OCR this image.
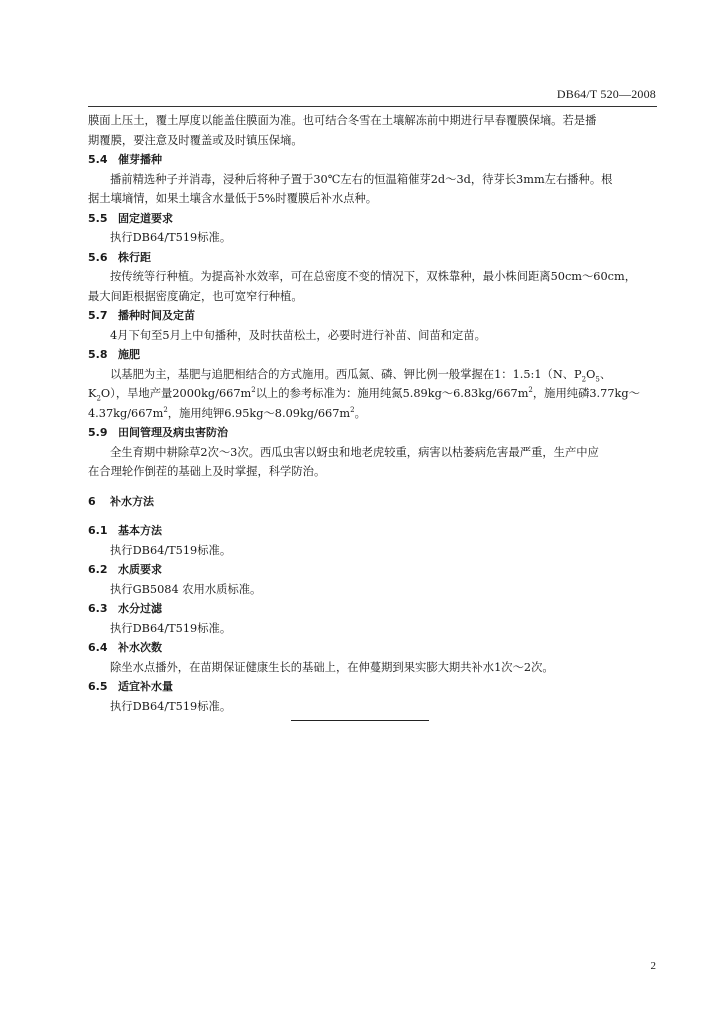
DB64/T 520—2008
膜面上压土，覆土厚度以能盖住膜面为准。也可结合冬雪在土壤解冻前中期进行早春覆膜保墒。若是播
期覆膜，要注意及时覆盖或及时镇压保墒。
5.4 催芽播种
播前精选种子并消毒，浸种后将种子置于30℃左右的恒温箱催芽2d～3d，待芽长3mm左右播种。根
据土壤墒情，如果土壤含水量低于5%时覆膜后补水点种。
5.5 固定道要求
执行DB64/T519标准。
5.6 株行距
按传统等行种植。为提高补水效率，可在总密度不变的情况下，双株靠种，最小株间距离50cm～60cm，
最大间距根据密度确定，也可宽窄行种植。
5.7 播种时间及定苗
4月下旬至5月上中旬播种，及时扶苗松土，必要时进行补苗、间苗和定苗。
5.8 施肥
以基肥为主，基肥与追肥相结合的方式施用。西瓜氮、磷、钾比例一般掌握在1：1.5:1（N、$P_2O_5$、
$K_2O$），旱地产量$2000kg/667m^2$以上的参考标准为：施用纯氮$5.89kg\sim 6.83kg/667m^2$，施用纯磷3.77kg～
$4.37kg/667m^2$，施用纯钾$6.95kg\sim 8.09kg/667m^2$。
5.9 田间管理及病虫害防治
全生育期中耕除草2次～3次。西瓜虫害以蚜虫和地老虎较重，病害以枯萎病危害最严重，生产中应
在合理轮作倒茬的基础上及时掌握，科学防治。
6 补水方法
6.1 基本方法
执行DB64/T519标准。
6.2 水质要求
执行GB5084 农用水质标准。
6.3 水分过滤
执行DB64/T519标准。
6.4 补水次数
除坐水点播外，在苗期保证健康生长的基础上，在伸蔓期到果实膨大期共补水1次～2次。
6.5 适宜补水量
执行DB64/T519标准。
2
